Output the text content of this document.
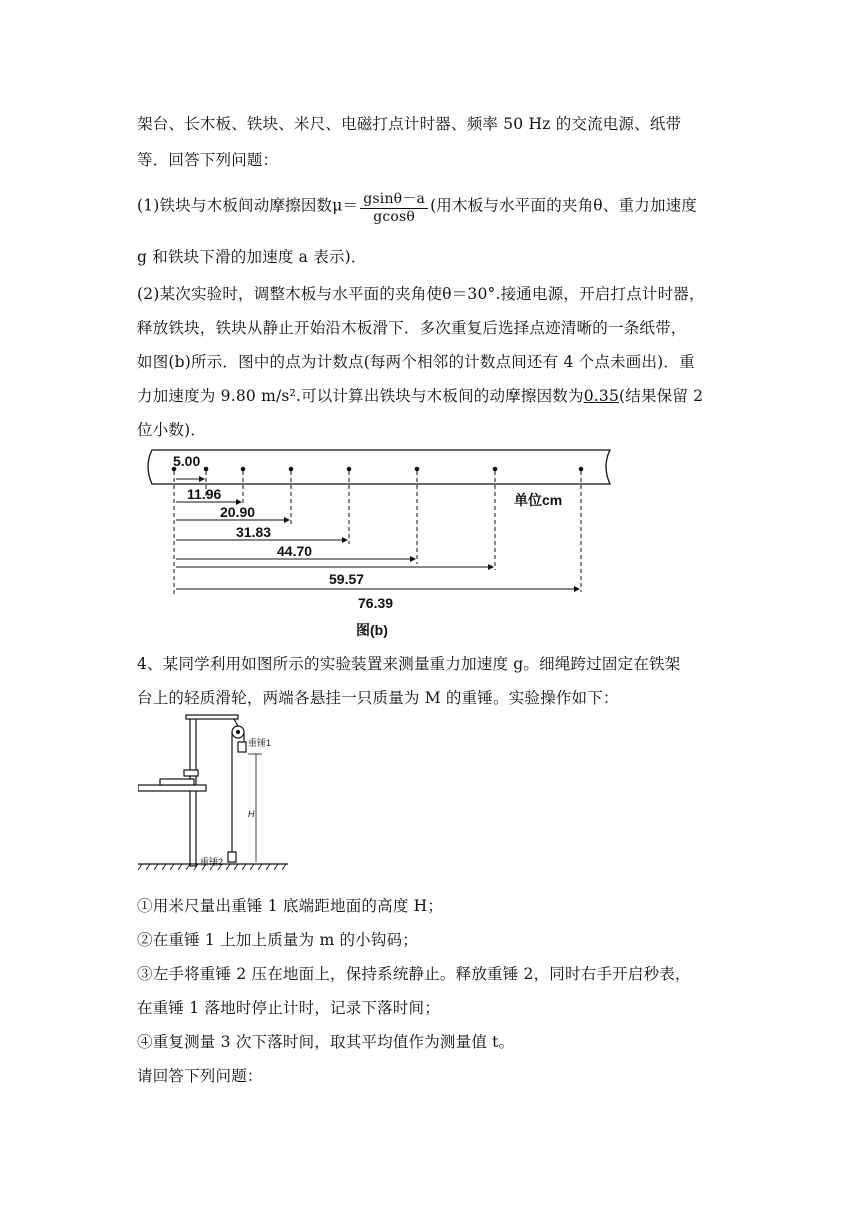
架台、长木板、铁块、米尺、电磁打点计时器、频率 50 Hz 的交流电源、纸带
等．回答下列问题：
(1)铁块与木板间动摩擦因数$\mu= \frac{gsin\theta-a}{gcos\theta}$ (用木板与水平面的夹角θ、重力加速度
g 和铁块下滑的加速度 a 表示)．
(2)某次实验时，调整木板与水平面的夹角使θ＝30°.接通电源，开启打点计时器，
释放铁块，铁块从静止开始沿木板滑下．多次重复后选择点迹清晰的一条纸带，
如图(b)所示．图中的点为计数点(每两个相邻的计数点间还有 4 个点未画出)．重
力加速度为 9.80 m/s².可以计算出铁块与木板间的动摩擦因数为0.35(结果保留 2
位小数)．
5.00
11.96
20.90
31.83
44.70
59.57
76.39
单位cm
图(b)
4、某同学利用如图所示的实验装置来测量重力加速度 g。细绳跨过固定在铁架
台上的轻质滑轮，两端各悬挂一只质量为 M 的重锤。实验操作如下：
重锤1
重锤2
H
①用米尺量出重锤 1 底端距地面的高度 H；
②在重锤 1 上加上质量为 m 的小钩码；
③左手将重锤 2 压在地面上，保持系统静止。释放重锤 2，同时右手开启秒表，
在重锤 1 落地时停止计时，记录下落时间；
④重复测量 3 次下落时间，取其平均值作为测量值 t。
请回答下列问题：
